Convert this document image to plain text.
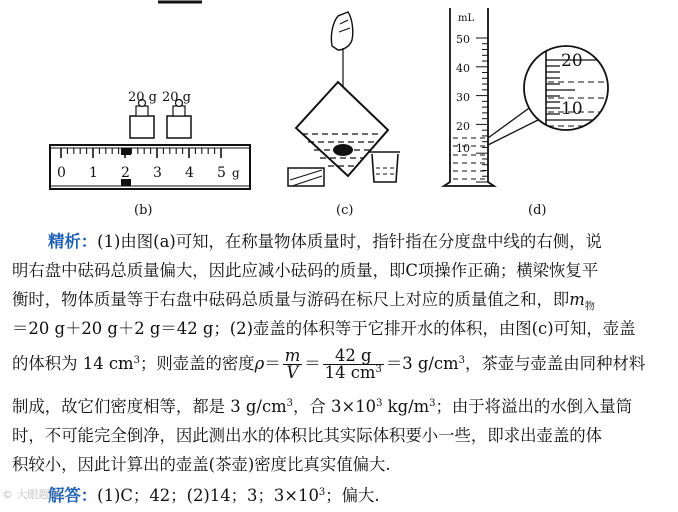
20 g 20 g
0 1 2 3 4 5 g
(b)	(c)
mL
50
40
30
20
10
20
10
(d)
精析：(1)由图(a)可知，在称量物体质量时，指针指在分度盘中线的右侧，说
明右盘中砝码总质量偏大，因此应减小砝码的质量，即C项操作正确；横梁恢复平
衡时，物体质量等于右盘中砝码总质量与游码在标尺上对应的质量值之和，即$m_物$
＝20 g＋20 g＋2 g＝42 g；(2)壶盖的体积等于它排开水的体积，由图(c)可知，壶盖
的体积为 14 $cm^3$；则壶盖的密度$\rho= \frac{m}{V} = \frac{42 g}{14 cm^3} =3$ $g/cm^3$，茶壶与壶盖由同种材料
制成，故它们密度相等，都是 3 $g/cm^3$，合 $3\times 10^3$ $kg/m^3$；由于将溢出的水倒入量筒
时，不可能完全倒净，因此测出水的体积比其实际体积要小一些，即求出壶盖的体
积较小，因此计算出的壶盖(茶壶)密度比真实值偏大.
解答：(1)C；42；(2)14；3；$3\times 10^3$；偏大.
© 大眼题库
